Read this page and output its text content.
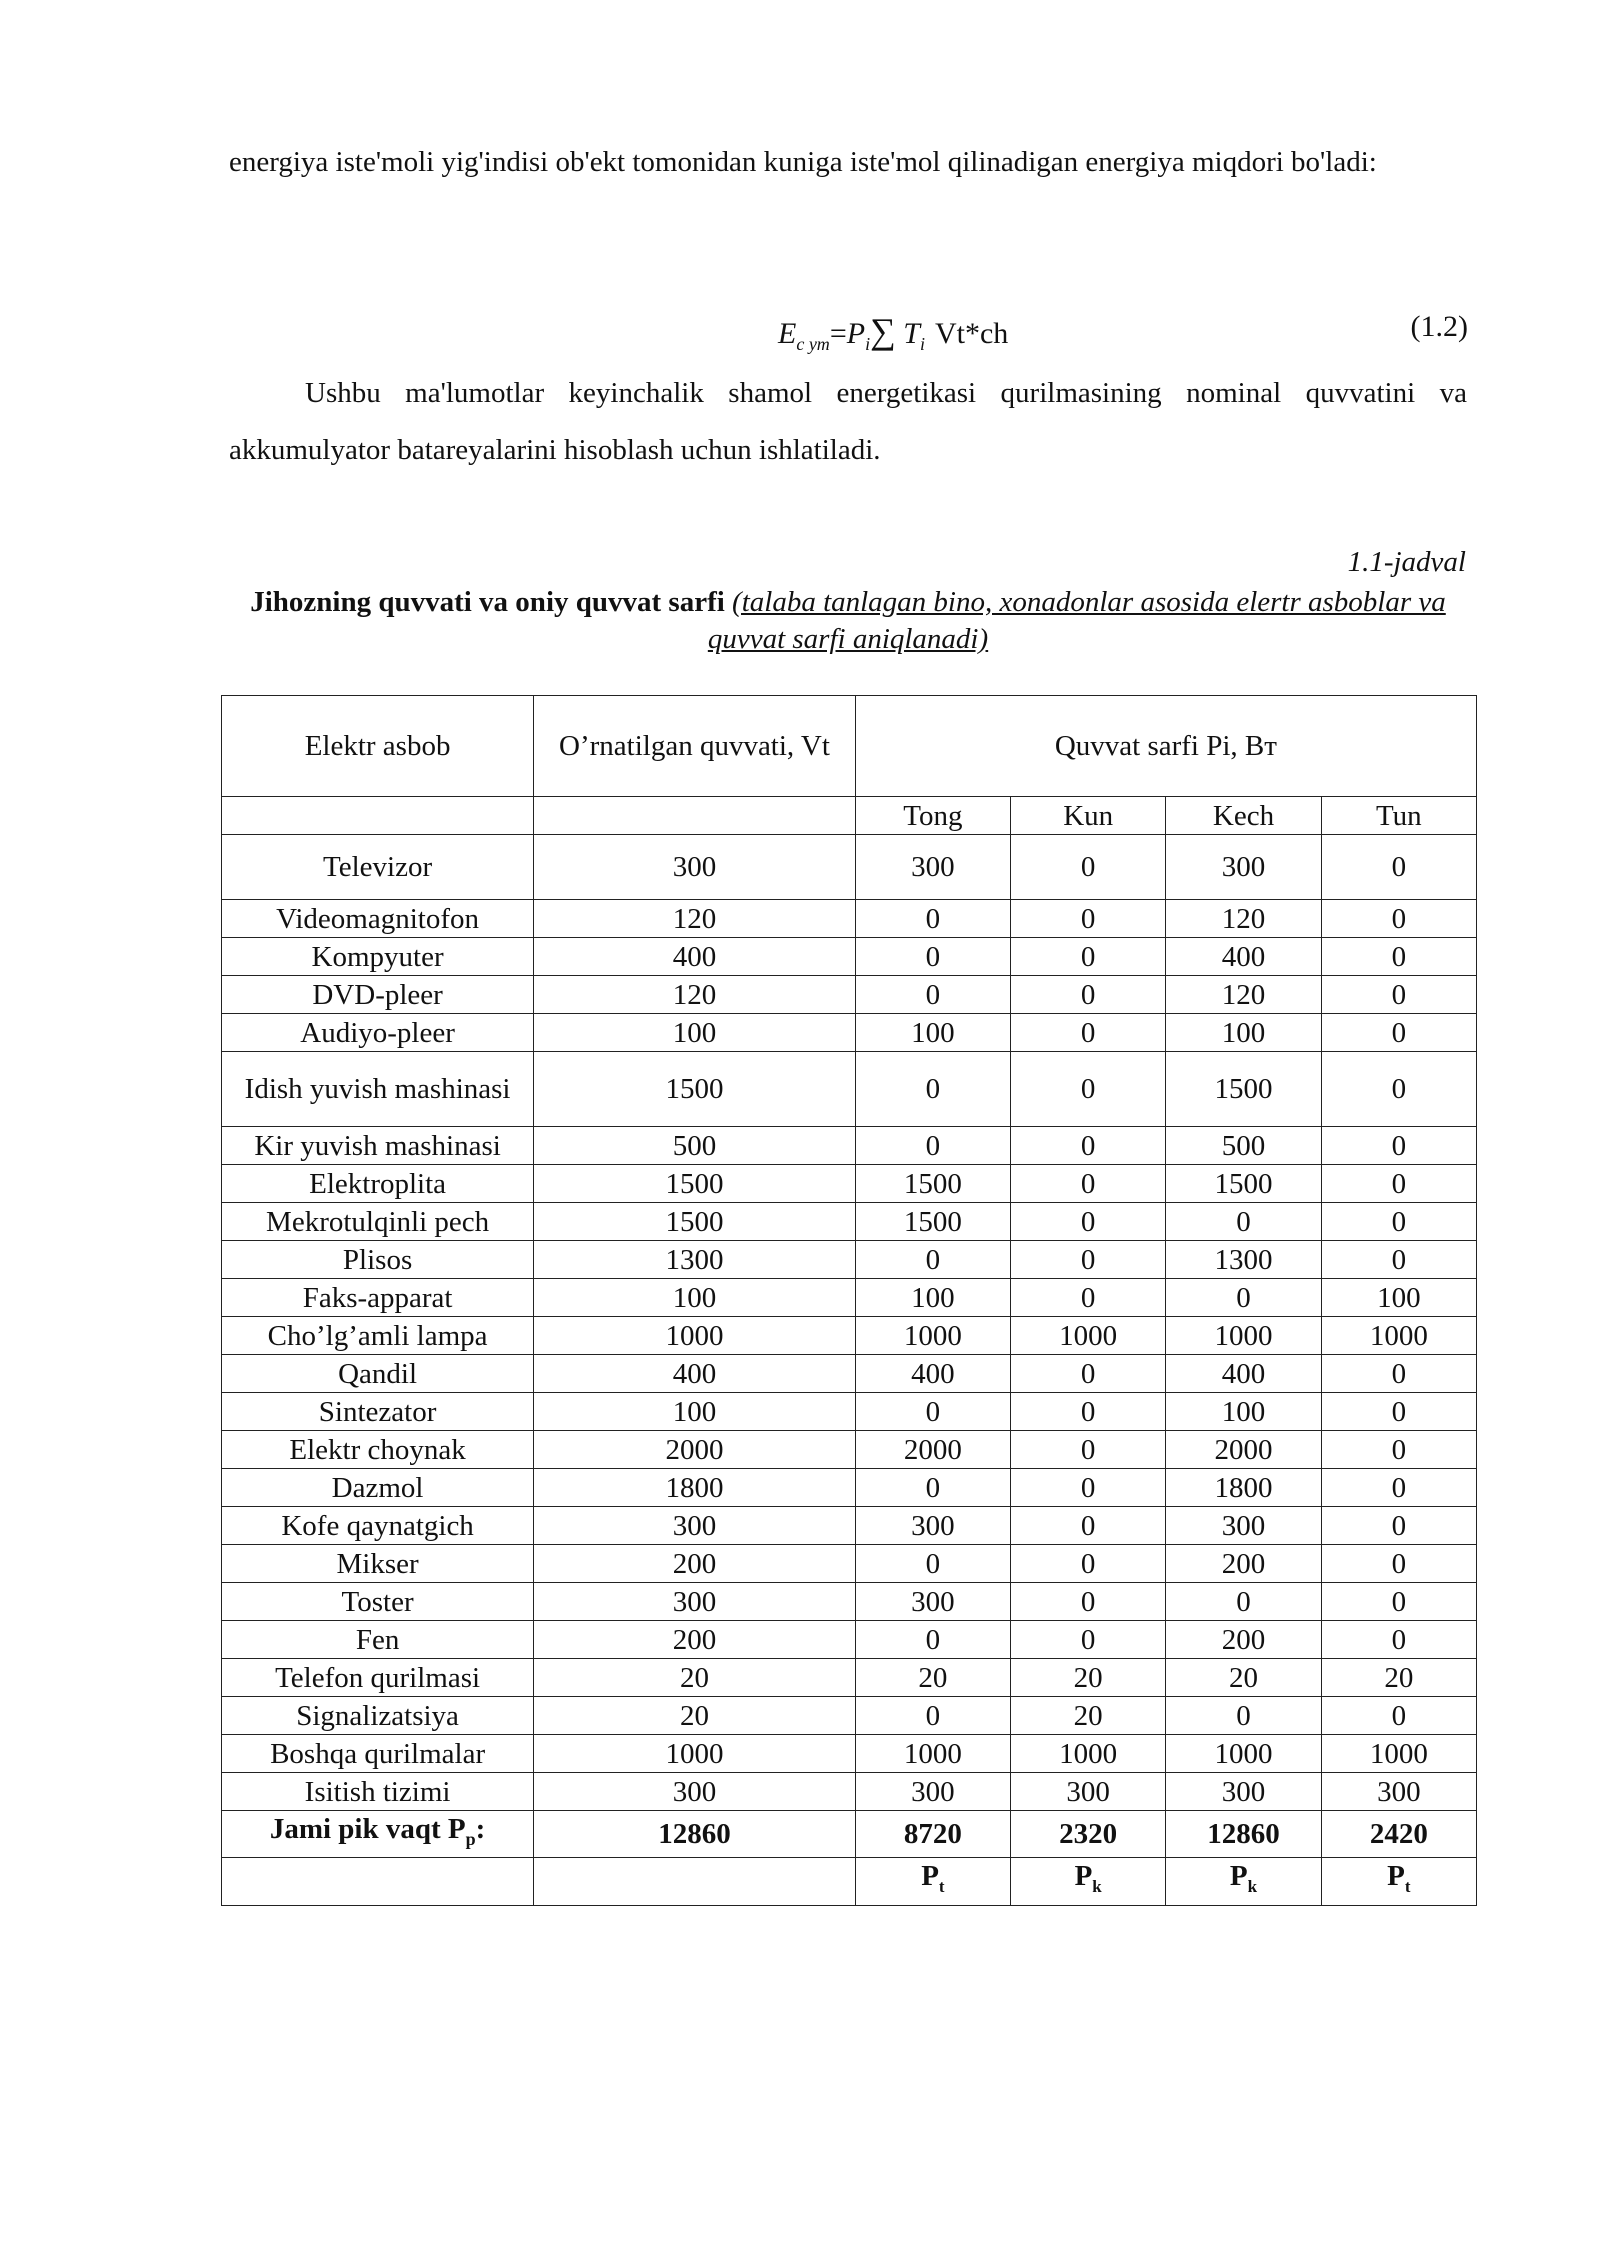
energiya iste'moli yig'indisi ob'ekt tomonidan kuniga iste'mol qilinadigan energiya miqdori bo'ladi:

$E_{c ym}=P_i\sum$ $T_i$ Vt*ch	(1.2)

Ushbu ma'lumotlar keyinchalik shamol energetikasi qurilmasining nominal quvvatini va akkumulyator batareyalarini hisoblash uchun ishlatiladi.

1.1-jadval
Jihozning quvvati va oniy quvvat sarfi (talaba tanlagan bino, xonadonlar asosida elertr asboblar va quvvat sarfi aniqlanadi)
Elektr asbob	O’rnatilgan quvvati, Vt	Quvvat sarfi Pi, Вт			
		Tong	Kun	Kech	Tun
Televizor	300	300	0	300	0
Videomagnitofon	120	0	0	120	0
Kompyuter	400	0	0	400	0
DVD-pleer	120	0	0	120	0
Audiyo-pleer	100	100	0	100	0
Idish yuvish mashinasi	1500	0	0	1500	0
Kir yuvish mashinasi	500	0	0	500	0
Elektroplita	1500	1500	0	1500	0
Mekrotulqinli pech	1500	1500	0	0	0
Plisos	1300	0	0	1300	0
Faks-apparat	100	100	0	0	100
Cho’lg’amli lampa	1000	1000	1000	1000	1000
Qandil	400	400	0	400	0
Sintezator	100	0	0	100	0
Elektr choynak	2000	2000	0	2000	0
Dazmol	1800	0	0	1800	0
Kofe qaynatgich	300	300	0	300	0
Mikser	200	0	0	200	0
Toster	300	300	0	0	0
Fen	200	0	0	200	0
Telefon qurilmasi	20	20	20	20	20
Signalizatsiya	20	0	20	0	0
Boshqa qurilmalar	1000	1000	1000	1000	1000
Isitish tizimi	300	300	300	300	300
Jami pik vaqt $P_p$:	12860	8720	2320	12860	2420
		$P_t$	$P_k$	$P_k$	$P_t$
